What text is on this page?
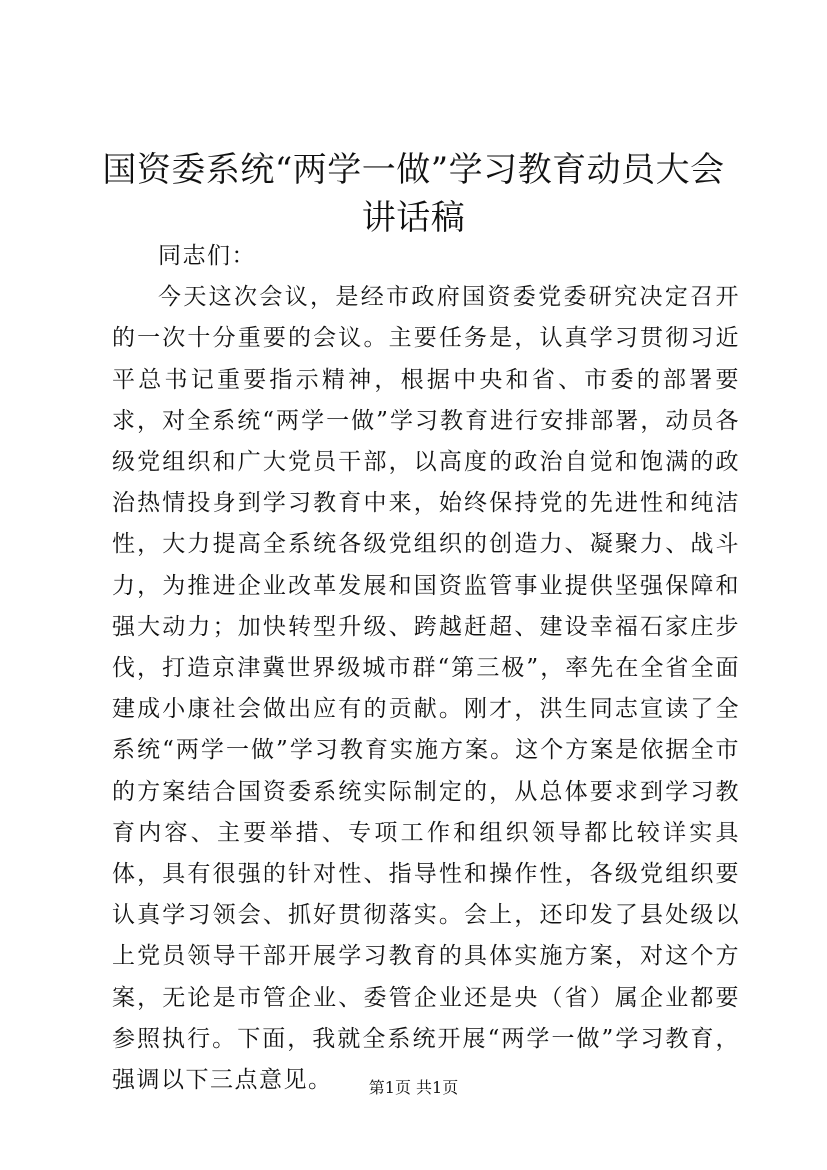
国资委系统“两学一做”学习教育动员大会讲话稿

同志们：

今天这次会议，是经市政府国资委党委研究决定召开的一次十分重要的会议。主要任务是，认真学习贯彻习近平总书记重要指示精神，根据中央和省、市委的部署要求，对全系统“两学一做”学习教育进行安排部署，动员各级党组织和广大党员干部，以高度的政治自觉和饱满的政治热情投身到学习教育中来，始终保持党的先进性和纯洁性，大力提高全系统各级党组织的创造力、凝聚力、战斗力，为推进企业改革发展和国资监管事业提供坚强保障和强大动力；加快转型升级、跨越赶超、建设幸福石家庄步伐，打造京津冀世界级城市群“第三极”，率先在全省全面建成小康社会做出应有的贡献。刚才，洪生同志宣读了全系统“两学一做”学习教育实施方案。这个方案是依据全市的方案结合国资委系统实际制定的，从总体要求到学习教育内容、主要举措、专项工作和组织领导都比较详实具体，具有很强的针对性、指导性和操作性，各级党组织要认真学习领会、抓好贯彻落实。会上，还印发了县处级以上党员领导干部开展学习教育的具体实施方案，对这个方案，无论是市管企业、委管企业还是央（省）属企业都要参照执行。下面，我就全系统开展“两学一做”学习教育，强调以下三点意见。	第1页 共1页
